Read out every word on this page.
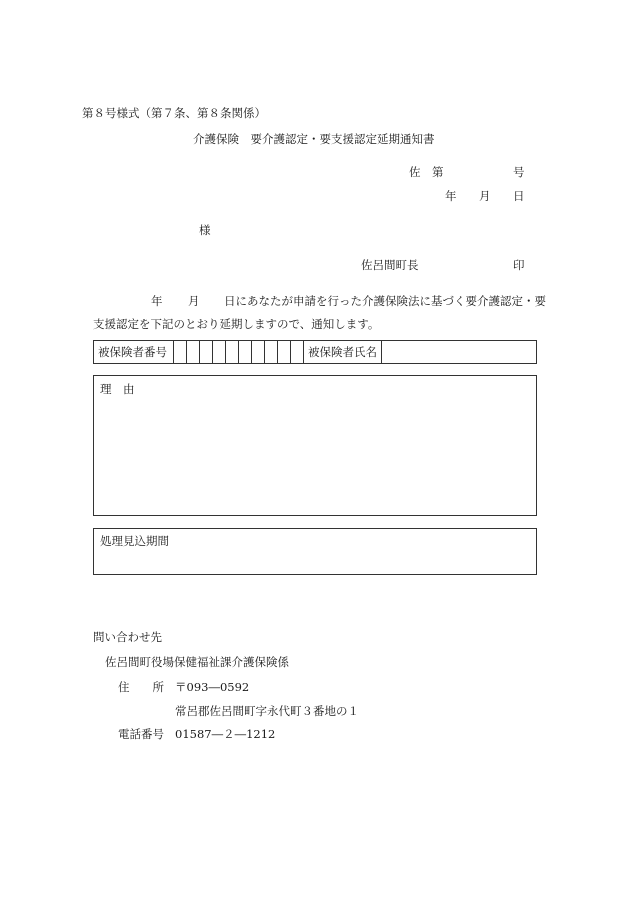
第８号様式（第７条、第８条関係）
介護保険　要介護認定・要支援認定延期通知書
佐 第	号
年 月 日
様
佐呂間町長	印
年 月 日にあなたが申請を行った介護保険法に基づく要介護認定・要
支援認定を下記のとおり延期しますので、通知します。
被保険者番号	被保険者氏名
理　由
処理見込期間
問い合わせ先
佐呂間町役場保健福祉課介護保険係
住　　所 〒093―0592
常呂郡佐呂間町字永代町３番地の１
電話番号 01587―２―1212
